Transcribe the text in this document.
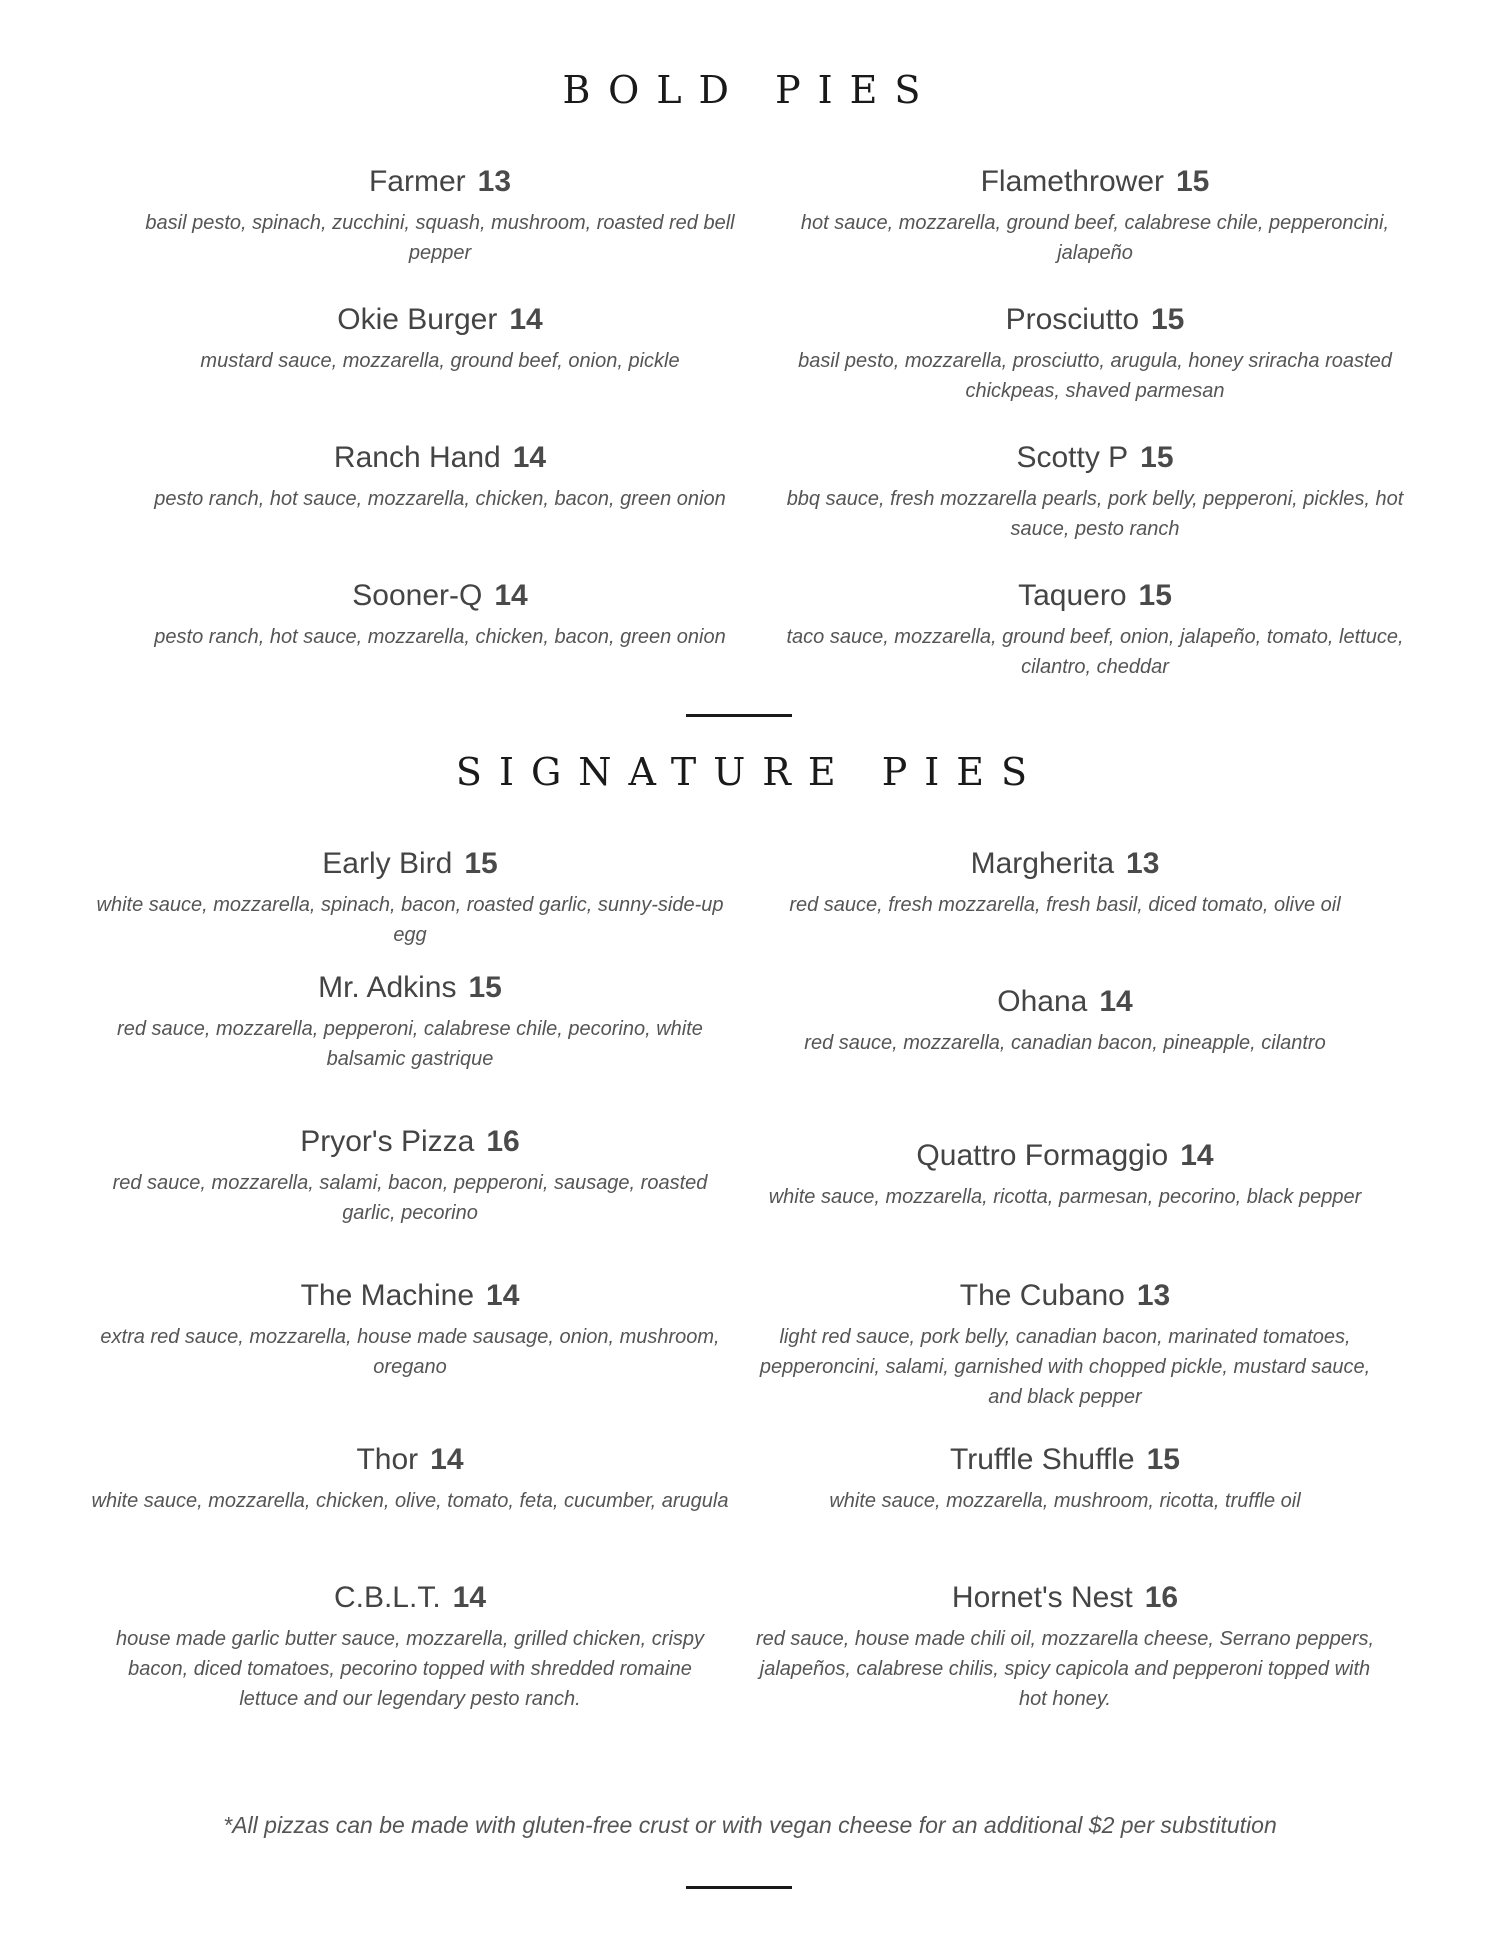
BOLD PIES
Farmer 13
basil pesto, spinach, zucchini, squash, mushroom, roasted red bell pepper
Okie Burger 14
mustard sauce, mozzarella, ground beef, onion, pickle
Ranch Hand 14
pesto ranch, hot sauce, mozzarella, chicken, bacon, green onion
Sooner-Q 14
pesto ranch, hot sauce, mozzarella, chicken, bacon, green onion
Flamethrower 15
hot sauce, mozzarella, ground beef, calabrese chile, pepperoncini, jalapeño
Prosciutto 15
basil pesto, mozzarella, prosciutto, arugula, honey sriracha roasted chickpeas, shaved parmesan
Scotty P 15
bbq sauce, fresh mozzarella pearls, pork belly, pepperoni, pickles, hot sauce, pesto ranch
Taquero 15
taco sauce, mozzarella, ground beef, onion, jalapeño, tomato, lettuce, cilantro, cheddar
SIGNATURE PIES
Early Bird 15
white sauce, mozzarella, spinach, bacon, roasted garlic, sunny-side-up egg
Mr. Adkins 15
red sauce, mozzarella, pepperoni, calabrese chile, pecorino, white balsamic gastrique
Pryor's Pizza 16
red sauce, mozzarella, salami, bacon, pepperoni, sausage, roasted garlic, pecorino
The Machine 14
extra red sauce, mozzarella, house made sausage, onion, mushroom, oregano
Thor 14
white sauce, mozzarella, chicken, olive, tomato, feta, cucumber, arugula
C.B.L.T. 14
house made garlic butter sauce, mozzarella, grilled chicken, crispy bacon, diced tomatoes, pecorino topped with shredded romaine lettuce and our legendary pesto ranch.
Margherita 13
red sauce, fresh mozzarella, fresh basil, diced tomato, olive oil
Ohana 14
red sauce, mozzarella, canadian bacon, pineapple, cilantro
Quattro Formaggio 14
white sauce, mozzarella, ricotta, parmesan, pecorino, black pepper
The Cubano 13
light red sauce, pork belly, canadian bacon, marinated tomatoes, pepperoncini, salami, garnished with chopped pickle, mustard sauce, and black pepper
Truffle Shuffle 15
white sauce, mozzarella, mushroom, ricotta, truffle oil
Hornet's Nest 16
red sauce, house made chili oil, mozzarella cheese, Serrano peppers, jalapeños, calabrese chilis, spicy capicola and pepperoni topped with hot honey.
*All pizzas can be made with gluten-free crust or with vegan cheese for an additional $2 per substitution
